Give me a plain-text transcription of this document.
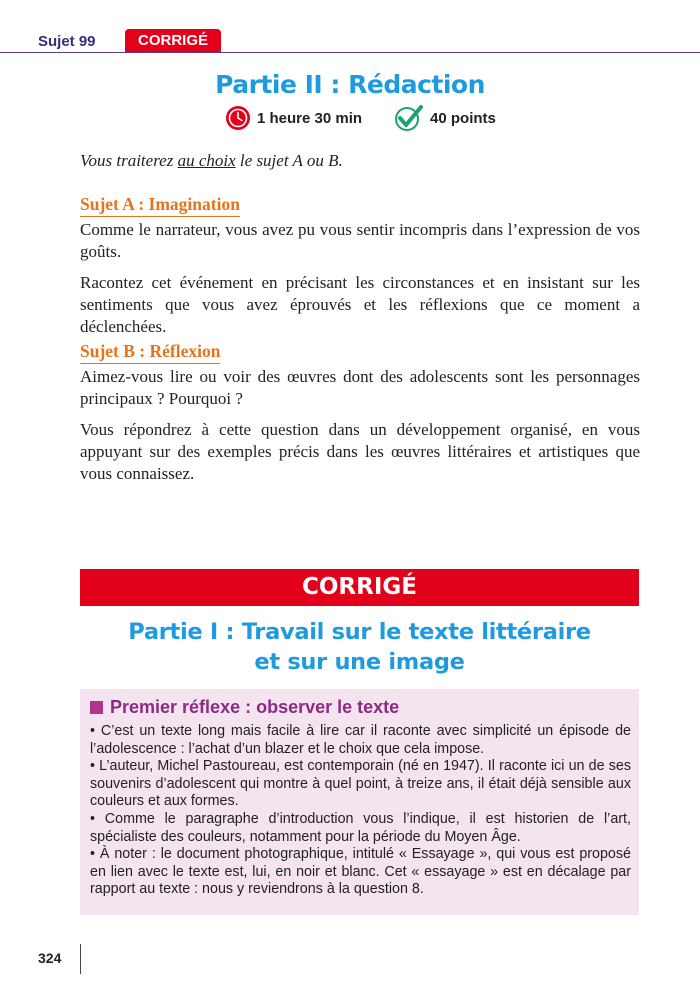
Sujet 99	CORRIGÉ
Partie II : Rédaction
1 heure 30 min	40 points
Vous traiterez au choix le sujet A ou B.
Sujet A : Imagination
Comme le narrateur, vous avez pu vous sentir incompris dans l’expression de vos goûts.
Racontez cet événement en précisant les circonstances et en insistant sur les sentiments que vous avez éprouvés et les réflexions que ce moment a déclenchées.
Sujet B : Réflexion
Aimez-vous lire ou voir des œuvres dont des adolescents sont les personnages principaux ? Pourquoi ?
Vous répondrez à cette question dans un développement organisé, en vous appuyant sur des exemples précis dans les œuvres littéraires et artistiques que vous connaissez.
CORRIGÉ
Partie I : Travail sur le texte littéraire
et sur une image
Premier réflexe : observer le texte
• C’est un texte long mais facile à lire car il raconte avec simplicité un épisode de l’adolescence : l’achat d’un blazer et le choix que cela impose.
• L’auteur, Michel Pastoureau, est contemporain (né en 1947). Il raconte ici un de ses souvenirs d’adolescent qui montre à quel point, à treize ans, il était déjà sensible aux couleurs et aux formes.
• Comme le paragraphe d’introduction vous l’indique, il est historien de l’art, spécialiste des couleurs, notamment pour la période du Moyen Âge.
• À noter : le document photographique, intitulé « Essayage », qui vous est proposé en lien avec le texte est, lui, en noir et blanc. Cet « essayage » est en décalage par rapport au texte : nous y reviendrons à la question 8.
324
